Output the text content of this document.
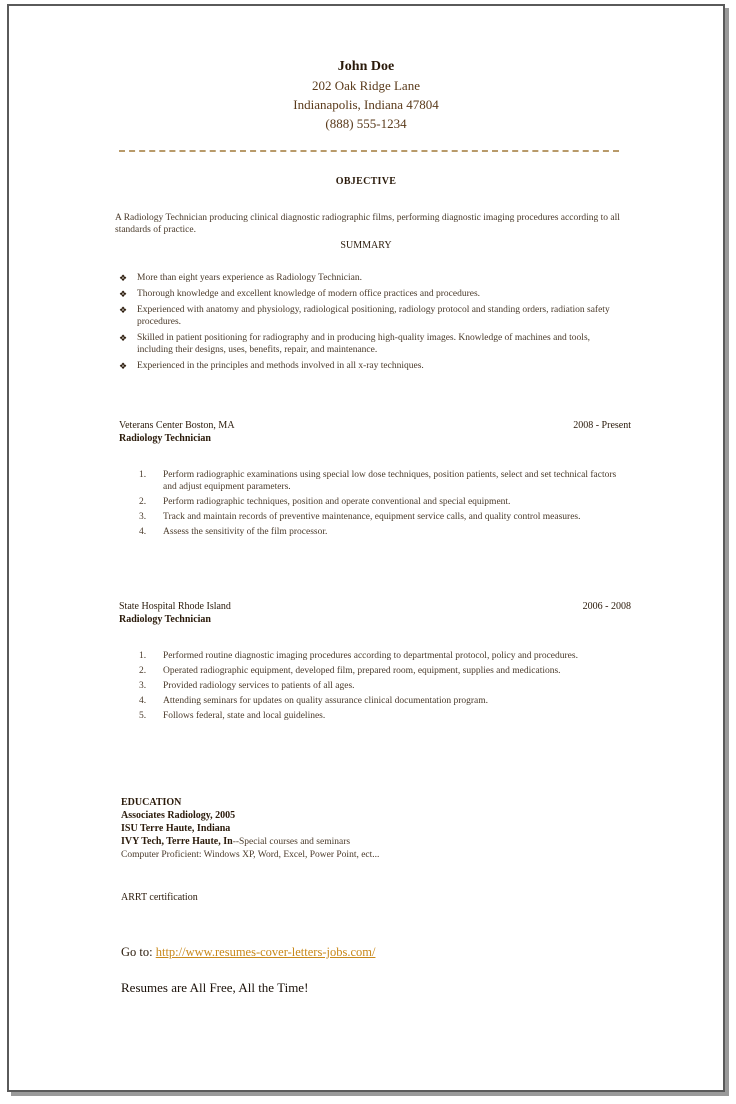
John Doe
202 Oak Ridge Lane
Indianapolis, Indiana 47804
(888) 555-1234
OBJECTIVE
A Radiology Technician producing clinical diagnostic radiographic films, performing diagnostic imaging procedures according to all standards of practice.
SUMMARY
❖ More than eight years experience as Radiology Technician.
❖ Thorough knowledge and excellent knowledge of modern office practices and procedures.
❖ Experienced with anatomy and physiology, radiological positioning, radiology protocol and standing orders, radiation safety procedures.
❖ Skilled in patient positioning for radiography and in producing high-quality images. Knowledge of machines and tools, including their designs, uses, benefits, repair, and maintenance.
❖ Experienced in the principles and methods involved in all x-ray techniques.
Veterans Center Boston, MA	2008 - Present
Radiology Technician
1. Perform radiographic examinations using special low dose techniques, position patients, select and set technical factors and adjust equipment parameters.
2. Perform radiographic techniques, position and operate conventional and special equipment.
3. Track and maintain records of preventive maintenance, equipment service calls, and quality control measures.
4. Assess the sensitivity of the film processor.
State Hospital Rhode Island	2006 - 2008
Radiology Technician
1. Performed routine diagnostic imaging procedures according to departmental protocol, policy and procedures.
2. Operated radiographic equipment, developed film, prepared room, equipment, supplies and medications.
3. Provided radiology services to patients of all ages.
4. Attending seminars for updates on quality assurance clinical documentation program.
5. Follows federal, state and local guidelines.
EDUCATION
Associates Radiology, 2005
ISU Terre Haute, Indiana
IVY Tech, Terre Haute, In--Special courses and seminars
Computer Proficient: Windows XP, Word, Excel, Power Point, ect...
ARRT certification
Go to: http://www.resumes-cover-letters-jobs.com/
Resumes are All Free, All the Time!
